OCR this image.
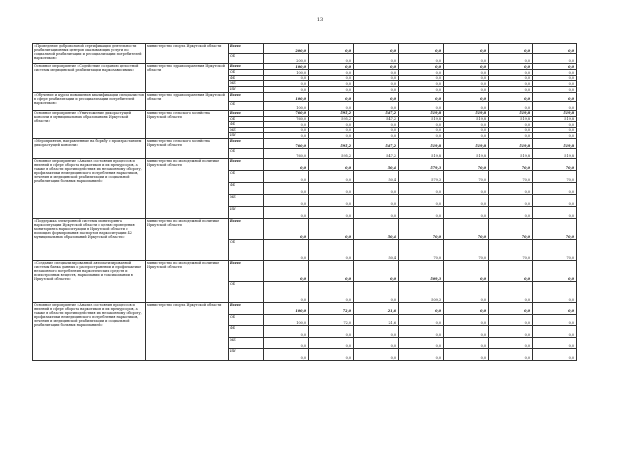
13
«Проведение добровольной сертификации деятельности реабилитационных центров оказывающих услуги по социальной реабилитации и ресоциализации потребителей наркотиков»	министерство спорта Иркутской области	Всего	200,0	0,0	0,0	0,0	0,0	0,0	0,0
		ОБ	200,0	0,0	0,0	0,0	0,0	0,0	0,0
Основное мероприятие «Содействие созданию целостной системы медицинской реабилитации наркозависимых»	министерство здравоохранения Иркутской области	Всего	100,0	0,0	0,0	0,0	0,0	0,0	0,0
		ОБ	100,0	0,0	0,0	0,0	0,0	0,0	0,0
		ФБ	0,0	0,0	0,0	0,0	0,0	0,0	0,0
		МБ	0,0	0,0	0,0	0,0	0,0	0,0	0,0
		ИИ	0,0	0,0	0,0	0,0	0,0	0,0	0,0
«Обучение и курсы повышения квалификации специалистов в сфере реабилитации и ресоциализации потребителей наркотиков»	министерство здравоохранения Иркутской области	Всего	100,0	0,0	0,0	0,0	0,0	0,0	0,0
		ОБ	100,0	0,0	0,0	0,0	0,0	0,0	0,0
Основное мероприятие «Уничтожение дикорастущей конопли в муниципальных образованиях Иркутской области»	министерство сельского хозяйства Иркутской области	Всего	760,0	595,2	547,2	519,8	519,8	519,8	519,8
		ОБ	760,0	595,2	547,2	519,8	519,8	519,8	519,8
		ФБ	0,0	0,0	0,0	0,0	0,0	0,0	0,0
		МБ	0,0	0,0	0,0	0,0	0,0	0,0	0,0
		ИИ	0,0	0,0	0,0	0,0	0,0	0,0	0,0
«Мероприятия, направленные на борьбу с произрастанием дикорастущей конопли»	министерство сельского хозяйства Иркутской области	Всего	760,0	595,2	547,2	519,8	519,8	519,8	519,8
		ОБ	760,0	595,2	547,2	519,8	519,8	519,8	519,8
Основное мероприятие «Анализ состояния процессов и явлений в сфере оборота наркотиков и их прекурсоров, а также в области противодействия их незаконному обороту, профилактики немедицинского потребления наркотиков, лечения и медицинской реабилитации и социальной реабилитации больных наркоманией»	министерство по молодежной политике Иркутской области	Всего	0,0	0,0	50,4	579,3	70,0	70,0	70,0
		ОБ	0,0	0,0	50,4	579,3	70,0	70,0	70,0
		ФБ	0,0	0,0	0,0	0,0	0,0	0,0	0,0
		МБ	0,0	0,0	0,0	0,0	0,0	0,0	0,0
		ИИ	0,0	0,0	0,0	0,0	0,0	0,0	0,0
«Поддержка электронной системы мониторинга наркоситуации Иркутской области с целью проведения мониторинга наркоситуации в Иркутской области с помощью формирования паспортов наркоситуации 42 муниципальных образований Иркутской области»	министерство по молодежной политике Иркутской области	Всего	0,0	0,0	50,4	70,0	70,0	70,0	70,0
		ОБ	0,0	0,0	50,4	70,0	70,0	70,0	70,0
«Создание специализированной автоматизированной системы банка данных о распространении и профилактике незаконного потребления наркотических средств и психотропных веществ, наркомании и токсикомании в Иркутской области»	министерство по молодежной политике Иркутской области	Всего	0,0	0,0	0,0	509,3	0,0	0,0	0,0
		ОБ	0,0	0,0	0,0	509,3	0,0	0,0	0,0
Основное мероприятие «Анализ состояния процессов и явлений в сфере оборота наркотиков и их прекурсоров, а также в области противодействия их незаконному обороту, профилактики немедицинского потребления наркотиков, лечения и медицинской реабилитации и социальной реабилитации больных наркоманией»	министерство спорта Иркутской области	Всего	100,0	72,0	21,6	0,0	0,0	0,0	0,0
		ОБ	100,0	72,0	21,6	0,0	0,0	0,0	0,0
		ФБ	0,0	0,0	0,0	0,0	0,0	0,0	0,0
		МБ	0,0	0,0	0,0	0,0	0,0	0,0	0,0
		ИИ	0,0	0,0	0,0	0,0	0,0	0,0	0,0
